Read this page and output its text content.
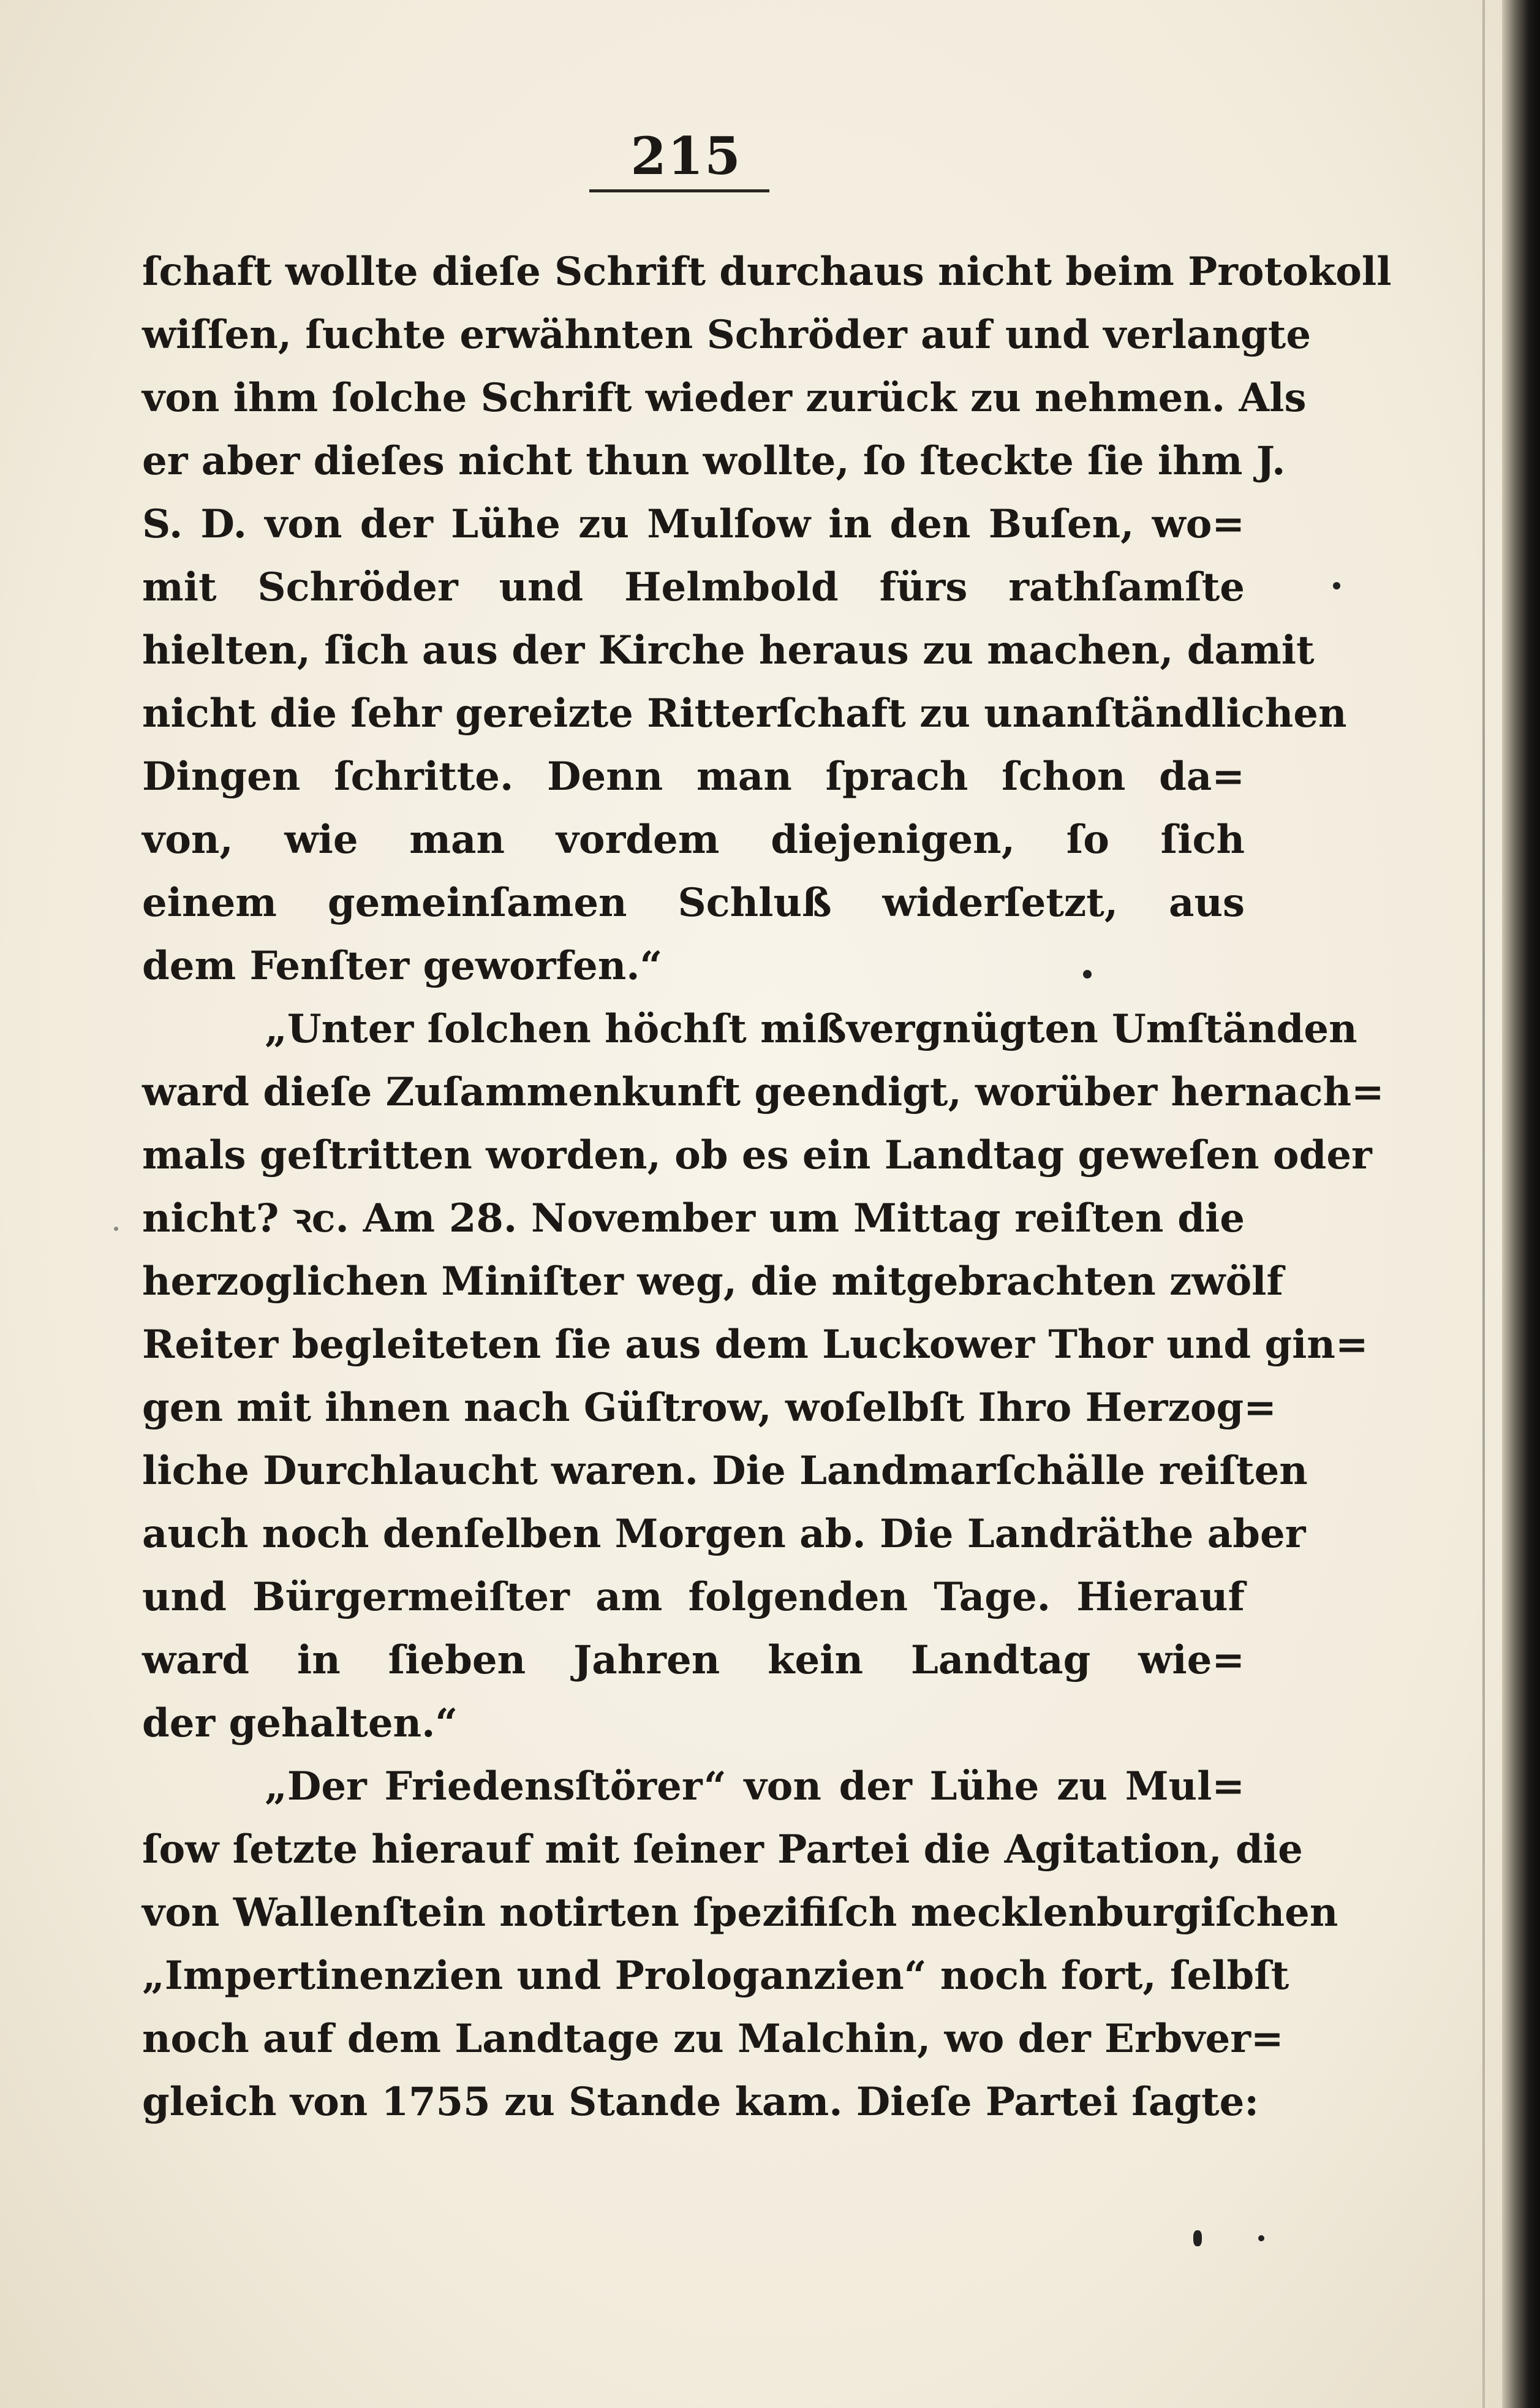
215
ſchaft wollte dieſe Schrift durchaus nicht beim Protokoll
wiſſen, ſuchte erwähnten Schröder auf und verlangte
von ihm ſolche Schrift wieder zurück zu nehmen. Als
er aber dieſes nicht thun wollte, ſo ſteckte ſie ihm J.
S. D. von der Lühe zu Mulſow in den Buſen, wo=
mit Schröder und Helmbold fürs rathſamſte
hielten, ſich aus der Kirche heraus zu machen, damit
nicht die ſehr gereizte Ritterſchaft zu unanſtändlichen
Dingen ſchritte. Denn man ſprach ſchon da=
von, wie man vordem diejenigen, ſo ſich
einem gemeinſamen Schluß widerſetzt, aus
dem Fenſter geworfen.“
„Unter ſolchen höchſt mißvergnügten Umſtänden
ward dieſe Zuſammenkunft geendigt, worüber hernach=
mals geſtritten worden, ob es ein Landtag geweſen oder
nicht? ꝛc. Am 28. November um Mittag reiſten die
herzoglichen Miniſter weg, die mitgebrachten zwölf
Reiter begleiteten ſie aus dem Luckower Thor und gin=
gen mit ihnen nach Güſtrow, woſelbſt Ihro Herzog=
liche Durchlaucht waren. Die Landmarſchälle reiſten
auch noch denſelben Morgen ab. Die Landräthe aber
und Bürgermeiſter am folgenden Tage. Hierauf
ward in ſieben Jahren kein Landtag wie=
der gehalten.“
„Der Friedensſtörer“ von der Lühe zu Mul=
ſow ſetzte hierauf mit ſeiner Partei die Agitation, die
von Wallenſtein notirten ſpezifiſch mecklenburgiſchen
„Impertinenzien und Prologanzien“ noch fort, ſelbſt
noch auf dem Landtage zu Malchin, wo der Erbver=
gleich von 1755 zu Stande kam. Dieſe Partei ſagte:
